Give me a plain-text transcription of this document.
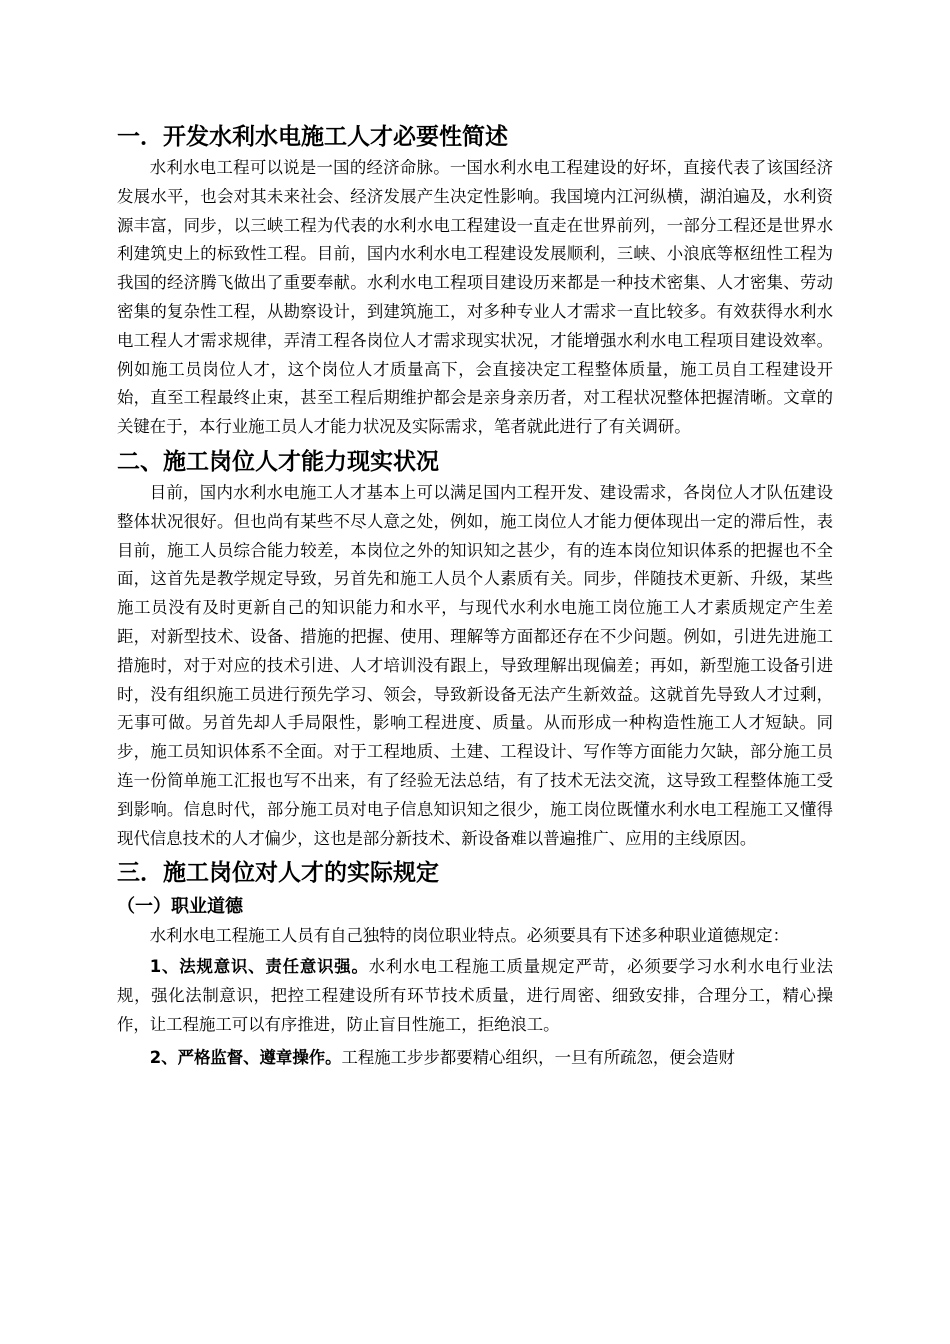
一．开发水利水电施工人才必要性简述

水利水电工程可以说是一国的经济命脉。一国水利水电工程建设的好坏，直接代表了该国经济发展水平，也会对其未来社会、经济发展产生决定性影响。我国境内江河纵横，湖泊遍及，水利资源丰富，同步，以三峡工程为代表的水利水电工程建设一直走在世界前列，一部分工程还是世界水利建筑史上的标致性工程。目前，国内水利水电工程建设发展顺利，三峡、小浪底等枢纽性工程为我国的经济腾飞做出了重要奉献。水利水电工程项目建设历来都是一种技术密集、人才密集、劳动密集的复杂性工程，从勘察设计，到建筑施工，对多种专业人才需求一直比较多。有效获得水利水电工程人才需求规律，弄清工程各岗位人才需求现实状况，才能增强水利水电工程项目建设效率。例如施工员岗位人才，这个岗位人才质量高下，会直接决定工程整体质量，施工员自工程建设开始，直至工程最终止束，甚至工程后期维护都会是亲身亲历者，对工程状况整体把握清晰。文章的关键在于，本行业施工员人才能力状况及实际需求，笔者就此进行了有关调研。

二、施工岗位人才能力现实状况

目前，国内水利水电施工人才基本上可以满足国内工程开发、建设需求，各岗位人才队伍建设整体状况很好。但也尚有某些不尽人意之处，例如，施工岗位人才能力便体现出一定的滞后性，表目前，施工人员综合能力较差，本岗位之外的知识知之甚少，有的连本岗位知识体系的把握也不全面，这首先是教学规定导致，另首先和施工人员个人素质有关。同步，伴随技术更新、升级，某些施工员没有及时更新自己的知识能力和水平，与现代水利水电施工岗位施工人才素质规定产生差距，对新型技术、设备、措施的把握、使用、理解等方面都还存在不少问题。例如，引进先进施工措施时，对于对应的技术引进、人才培训没有跟上，导致理解出现偏差；再如，新型施工设备引进时，没有组织施工员进行预先学习、领会，导致新设备无法产生新效益。这就首先导致人才过剩，无事可做。另首先却人手局限性，影响工程进度、质量。从而形成一种构造性施工人才短缺。同步，施工员知识体系不全面。对于工程地质、土建、工程设计、写作等方面能力欠缺，部分施工员连一份简单施工汇报也写不出来，有了经验无法总结，有了技术无法交流，这导致工程整体施工受到影响。信息时代，部分施工员对电子信息知识知之很少，施工岗位既懂水利水电工程施工又懂得现代信息技术的人才偏少，这也是部分新技术、新设备难以普遍推广、应用的主线原因。

三．施工岗位对人才的实际规定
（一）职业道德

水利水电工程施工人员有自己独特的岗位职业特点。必须要具有下述多种职业道德规定：

1、法规意识、责任意识强。水利水电工程施工质量规定严苛，必须要学习水利水电行业法规，强化法制意识，把控工程建设所有环节技术质量，进行周密、细致安排，合理分工，精心操作，让工程施工可以有序推进，防止盲目性施工，拒绝浪工。

2、严格监督、遵章操作。工程施工步步都要精心组织，一旦有所疏忽，便会造财
